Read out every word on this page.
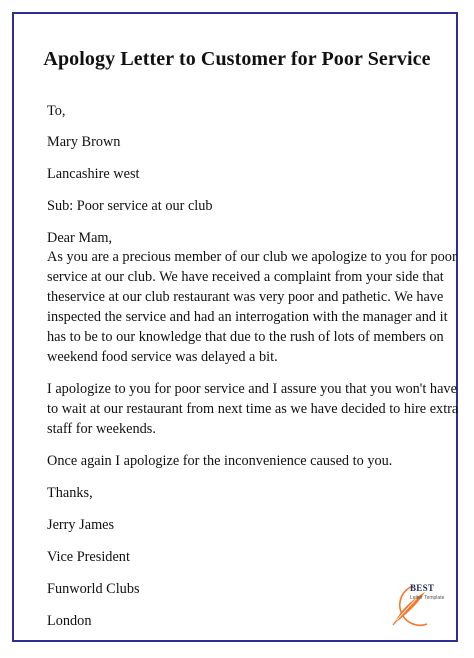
Apology Letter to Customer for Poor Service
To,
Mary Brown
Lancashire west
Sub: Poor service at our club
Dear Mam,
As you are a precious member of our club we apologize to you for poor
service at our club. We have received a complaint from your side that
theservice at our club restaurant was very poor and pathetic. We have
inspected the service and had an interrogation with the manager and it
has to be to our knowledge that due to the rush of lots of members on
weekend food service was delayed a bit.
I apologize to you for poor service and I assure you that you won't have
to wait at our restaurant from next time as we have decided to hire extra
staff for weekends.
Once again I apologize for the inconvenience caused to you.
Thanks,
Jerry James
Vice President
Funworld Clubs
London
BEST
Letter Template
